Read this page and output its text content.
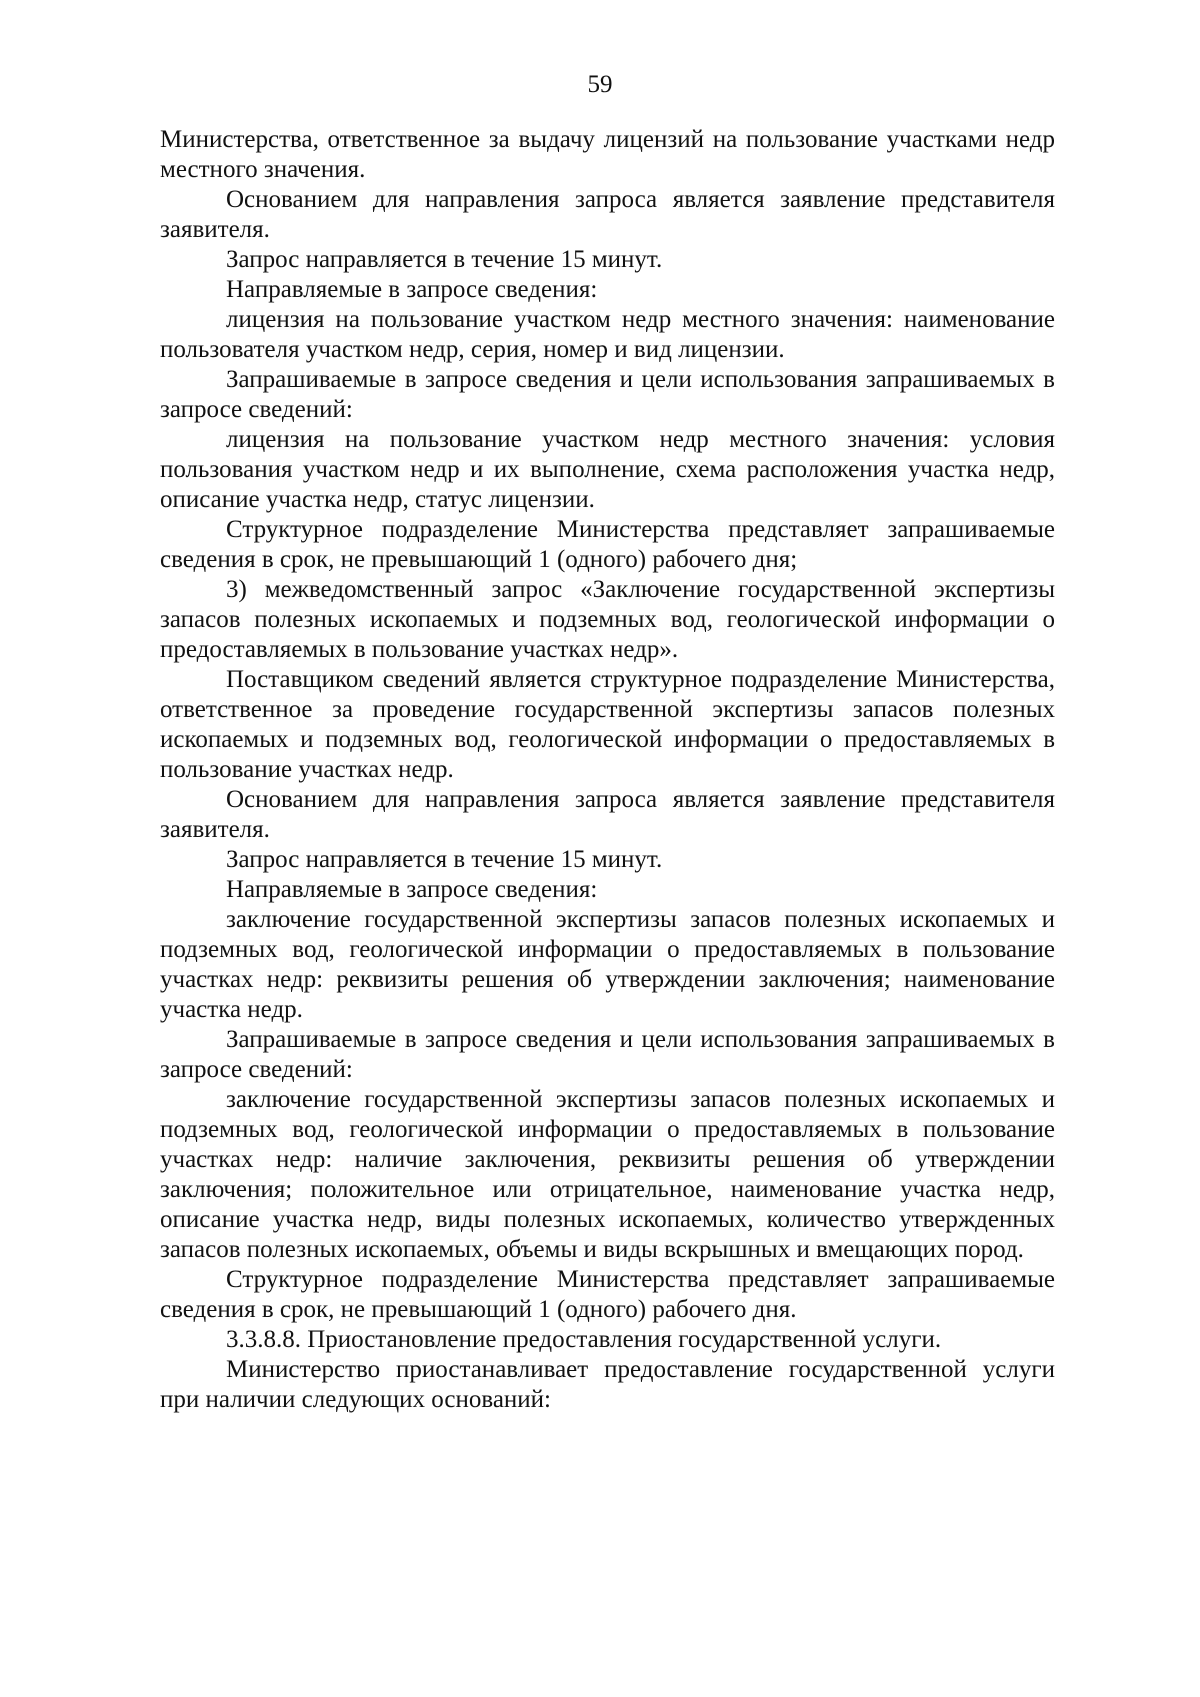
59

Министерства, ответственное за выдачу лицензий на пользование участками недр местного значения.

Основанием для направления запроса является заявление представителя заявителя.

Запрос направляется в течение 15 минут.

Направляемые в запросе сведения:

лицензия на пользование участком недр местного значения: наименование пользователя участком недр, серия, номер и вид лицензии.

Запрашиваемые в запросе сведения и цели использования запрашиваемых в запросе сведений:

лицензия на пользование участком недр местного значения: условия пользования участком недр и их выполнение, схема расположения участка недр, описание участка недр, статус лицензии.

Структурное подразделение Министерства представляет запрашиваемые сведения в срок, не превышающий 1 (одного) рабочего дня;

3) межведомственный запрос «Заключение государственной экспертизы запасов полезных ископаемых и подземных вод, геологической информации о предоставляемых в пользование участках недр».

Поставщиком сведений является структурное подразделение Министерства, ответственное за проведение государственной экспертизы запасов полезных ископаемых и подземных вод, геологической информации о предоставляемых в пользование участках недр.

Основанием для направления запроса является заявление представителя заявителя.

Запрос направляется в течение 15 минут.

Направляемые в запросе сведения:

заключение государственной экспертизы запасов полезных ископаемых и подземных вод, геологической информации о предоставляемых в пользование участках недр: реквизиты решения об утверждении заключения; наименование участка недр.

Запрашиваемые в запросе сведения и цели использования запрашиваемых в запросе сведений:

заключение государственной экспертизы запасов полезных ископаемых и подземных вод, геологической информации о предоставляемых в пользование участках недр: наличие заключения, реквизиты решения об утверждении заключения; положительное или отрицательное, наименование участка недр, описание участка недр, виды полезных ископаемых, количество утвержденных запасов полезных ископаемых, объемы и виды вскрышных и вмещающих пород.

Структурное подразделение Министерства представляет запрашиваемые сведения в срок, не превышающий 1 (одного) рабочего дня.

3.3.8.8. Приостановление предоставления государственной услуги.

Министерство приостанавливает предоставление государственной услуги при наличии следующих оснований:
